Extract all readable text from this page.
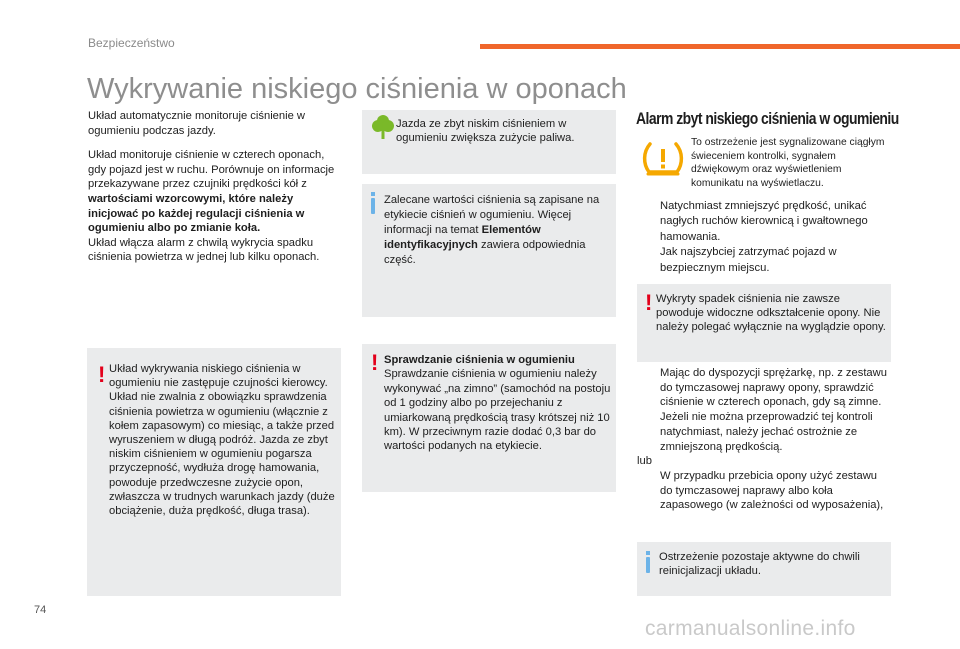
Bezpieczeństwo
Wykrywanie niskiego ciśnienia w oponach

Układ automatycznie monitoruje ciśnienie w ogumieniu podczas jazdy.

Układ monitoruje ciśnienie w czterech oponach, gdy pojazd jest w ruchu. Porównuje on informacje przekazywane przez czujniki prędkości kół z wartościami wzorcowymi, które należy inicjować po każdej regulacji ciśnienia w ogumieniu albo po zmianie koła.
Układ włącza alarm z chwilą wykrycia spadku ciśnienia powietrza w jednej lub kilku oponach.

! Układ wykrywania niskiego ciśnienia w ogumieniu nie zastępuje czujności kierowcy. Układ nie zwalnia z obowiązku sprawdzenia ciśnienia powietrza w ogumieniu (włącznie z kołem zapasowym) co miesiąc, a także przed wyruszeniem w długą podróż. Jazda ze zbyt niskim ciśnieniem w ogumieniu pogarsza przyczepność, wydłuża drogę hamowania, powoduje przedwczesne zużycie opon, zwłaszcza w trudnych warunkach jazdy (duże obciążenie, duża prędkość, długa trasa).
Jazda ze zbyt niskim ciśnieniem w ogumieniu zwiększa zużycie paliwa.
Zalecane wartości ciśnienia są zapisane na etykiecie ciśnień w ogumieniu. Więcej informacji na temat Elementów identyfikacyjnych zawiera odpowiednia część.
! Sprawdzanie ciśnienia w ogumieniu
Sprawdzanie ciśnienia w ogumieniu należy wykonywać „na zimno” (samochód na postoju od 1 godziny albo po przejechaniu z umiarkowaną prędkością trasy krótszej niż 10 km). W przeciwnym razie dodać 0,3 bar do wartości podanych na etykiecie.
Alarm zbyt niskiego ciśnienia w ogumieniu
To ostrzeżenie jest sygnalizowane ciągłym świeceniem kontrolki, sygnałem dźwiękowym oraz wyświetleniem komunikatu na wyświetlaczu.
Natychmiast zmniejszyć prędkość, unikać nagłych ruchów kierownicą i gwałtownego hamowania.
Jak najszybciej zatrzymać pojazd w bezpiecznym miejscu.
! Wykryty spadek ciśnienia nie zawsze powoduje widoczne odkształcenie opony. Nie należy polegać wyłącznie na wyglądzie opony.
Mając do dyspozycji sprężarkę, np. z zestawu do tymczasowej naprawy opony, sprawdzić ciśnienie w czterech oponach, gdy są zimne. Jeżeli nie można przeprowadzić tej kontroli natychmiast, należy jechać ostrożnie ze zmniejszoną prędkością.
lub
W przypadku przebicia opony użyć zestawu do tymczasowej naprawy albo koła zapasowego (w zależności od wyposażenia),
Ostrzeżenie pozostaje aktywne do chwili reinicjalizacji układu.
74
carmanualsonline.info
